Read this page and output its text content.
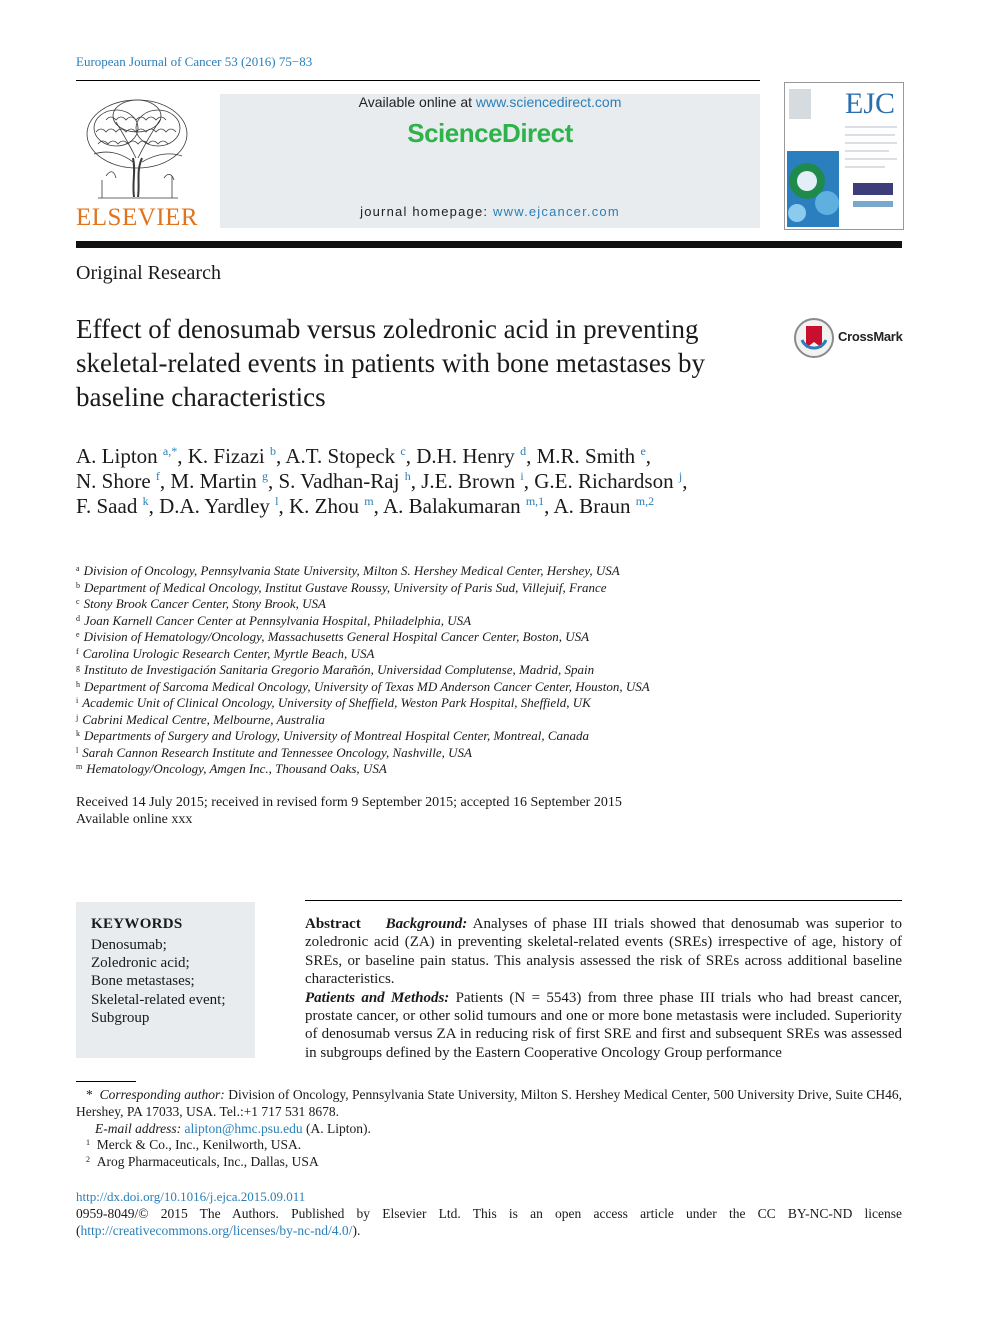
European Journal of Cancer 53 (2016) 75−83
ELSEVIER
Available online at www.sciencedirect.com
ScienceDirect
journal homepage: www.ejcancer.com
EJC
Original Research
Effect of denosumab versus zoledronic acid in preventing skeletal-related events in patients with bone metastases by baseline characteristics
CrossMark
A. Lipton $^{a,*}$, K. Fizazi $^b$, A.T. Stopeck $^c$, D.H. Henry $^d$, M.R. Smith $^e$,
N. Shore $^f$, M. Martin $^g$, S. Vadhan-Raj $^h$, J.E. Brown $^i$, G.E. Richardson $^j$,
F. Saad $^k$, D.A. Yardley $^l$, K. Zhou $^m$, A. Balakumaran $^{m,1}$, A. Braun $^{m,2}$
$^a$ Division of Oncology, Pennsylvania State University, Milton S. Hershey Medical Center, Hershey, USA
$^b$ Department of Medical Oncology, Institut Gustave Roussy, University of Paris Sud, Villejuif, France
$^c$ Stony Brook Cancer Center, Stony Brook, USA
$^d$ Joan Karnell Cancer Center at Pennsylvania Hospital, Philadelphia, USA
$^e$ Division of Hematology/Oncology, Massachusetts General Hospital Cancer Center, Boston, USA
$^f$ Carolina Urologic Research Center, Myrtle Beach, USA
$^g$ Instituto de Investigación Sanitaria Gregorio Marañón, Universidad Complutense, Madrid, Spain
$^h$ Department of Sarcoma Medical Oncology, University of Texas MD Anderson Cancer Center, Houston, USA
$^i$ Academic Unit of Clinical Oncology, University of Sheffield, Weston Park Hospital, Sheffield, UK
$^j$ Cabrini Medical Centre, Melbourne, Australia
$^k$ Departments of Surgery and Urology, University of Montreal Hospital Center, Montreal, Canada
$^l$ Sarah Cannon Research Institute and Tennessee Oncology, Nashville, USA
$^m$ Hematology/Oncology, Amgen Inc., Thousand Oaks, USA
Received 14 July 2015; received in revised form 9 September 2015; accepted 16 September 2015
Available online xxx
KEYWORDS
Denosumab;
Zoledronic acid;
Bone metastases;
Skeletal-related event;
Subgroup
Abstract Background: Analyses of phase III trials showed that denosumab was superior to zoledronic acid (ZA) in preventing skeletal-related events (SREs) irrespective of age, history of SREs, or baseline pain status. This analysis assessed the risk of SREs across additional baseline characteristics.
Patients and Methods: Patients (N = 5543) from three phase III trials who had breast cancer, prostate cancer, or other solid tumours and one or more bone metastasis were included. Superiority of denosumab versus ZA in reducing risk of first SRE and first and subsequent SREs was assessed in subgroups defined by the Eastern Cooperative Oncology Group performance
* Corresponding author: Division of Oncology, Pennsylvania State University, Milton S. Hershey Medical Center, 500 University Drive, Suite CH46, Hershey, PA 17033, USA. Tel.:+1 717 531 8678.
E-mail address: alipton@hmc.psu.edu (A. Lipton).
$^1$ Merck & Co., Inc., Kenilworth, USA.
$^2$ Arog Pharmaceuticals, Inc., Dallas, USA
http://dx.doi.org/10.1016/j.ejca.2015.09.011
0959-8049/© 2015 The Authors. Published by Elsevier Ltd. This is an open access article under the CC BY-NC-ND license (http://creativecommons.org/licenses/by-nc-nd/4.0/).
